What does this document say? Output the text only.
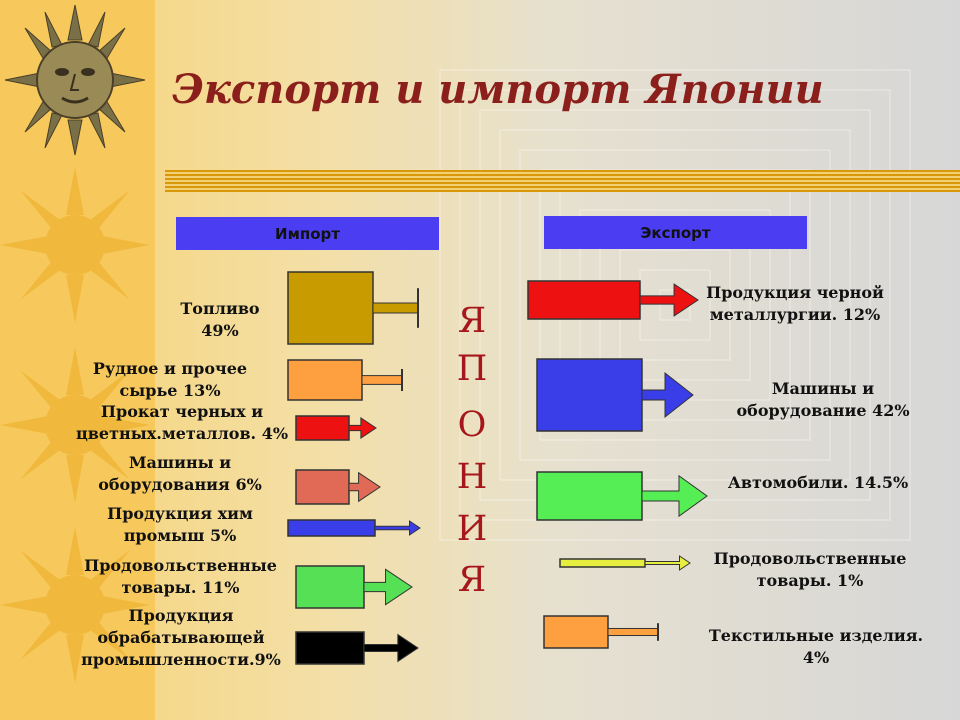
Экспорт и импорт Японии
Импорт	Экспорт
Я
П
О
Н
И
Я
Топливо
49%
Рудное и прочее
сырье 13%
Прокат черных и
цветных.металлов. 4%
Машины и
оборудования 6%
Продукция хим
промыш 5%
Продовольственные
товары. 11%
Продукция
обрабатывающей
промышленности.9%
Продукция черной
металлургии. 12%
Машины и
оборудование 42%
Автомобили. 14.5%
Продовольственные
товары. 1%
Текстильные изделия.
4%
